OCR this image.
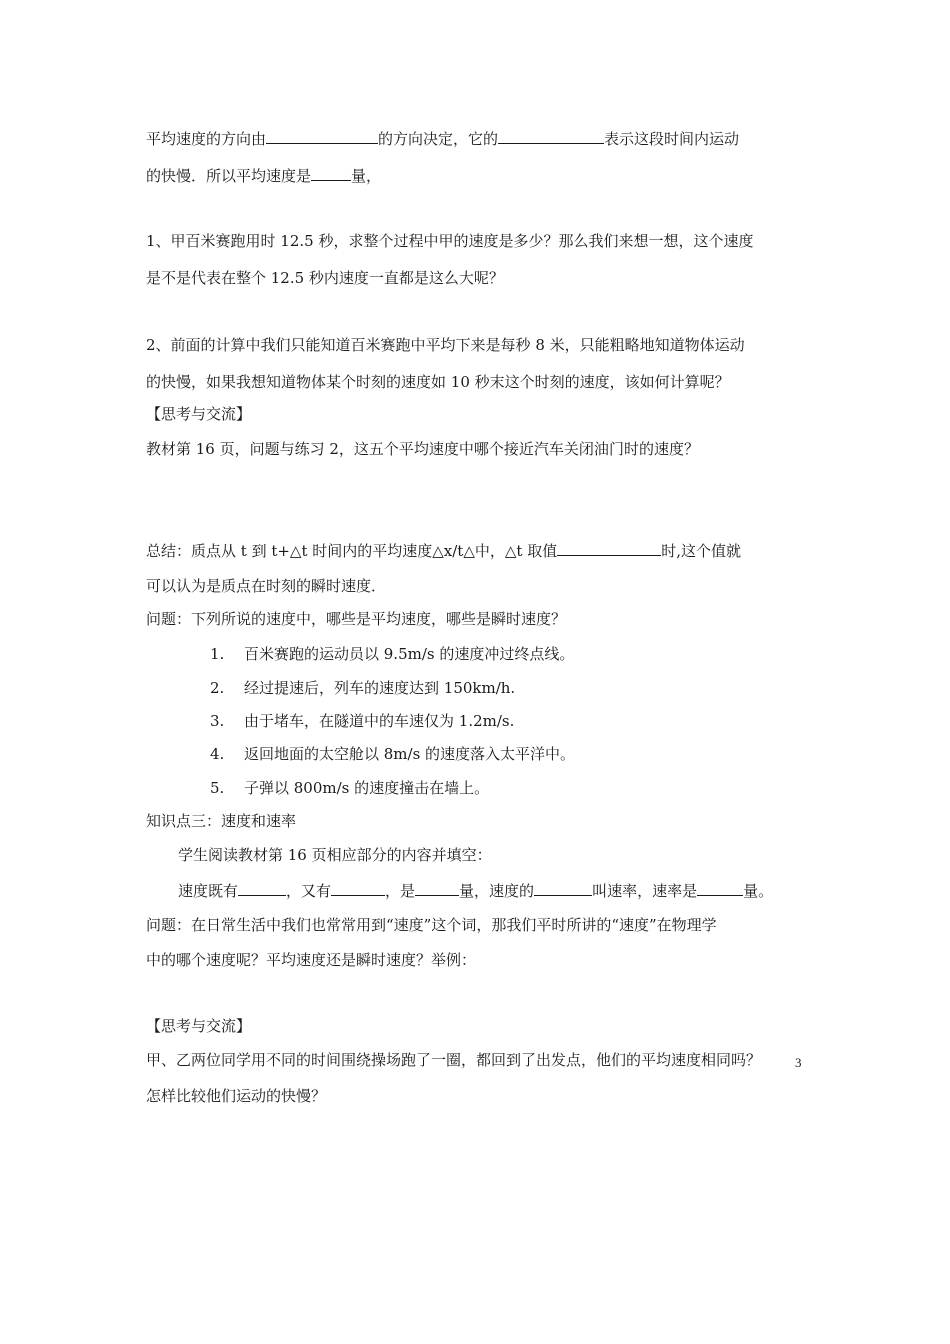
平均速度的方向由	的方向决定，它的	表示这段时间内运动
的快慢．所以平均速度是	量，
1、甲百米赛跑用时 12.5 秒，求整个过程中甲的速度是多少？那么我们来想一想，这个速度
是不是代表在整个 12.5 秒内速度一直都是这么大呢？
2、前面的计算中我们只能知道百米赛跑中平均下来是每秒 8 米，只能粗略地知道物体运动
的快慢，如果我想知道物体某个时刻的速度如 10 秒末这个时刻的速度，该如何计算呢？
【思考与交流】
教材第 16 页，问题与练习 2，这五个平均速度中哪个接近汽车关闭油门时的速度？
总结：质点从 t 到 t+△t 时间内的平均速度△x/t△中，△t 取值	时,这个值就
可以认为是质点在时刻的瞬时速度．
问题：下列所说的速度中，哪些是平均速度，哪些是瞬时速度？
1. 百米赛跑的运动员以 9.5m/s 的速度冲过终点线。
2. 经过提速后，列车的速度达到 150km/h.
3. 由于堵车，在隧道中的车速仅为 1.2m/s.
4. 返回地面的太空舱以 8m/s 的速度落入太平洋中。
5. 子弹以 800m/s 的速度撞击在墙上。
知识点三：速度和速率
学生阅读教材第 16 页相应部分的内容并填空：
速度既有	，又有	，是	量，速度的	叫速率，速率是	量。
问题：在日常生活中我们也常常用到“速度”这个词，那我们平时所讲的“速度”在物理学
中的哪个速度呢？平均速度还是瞬时速度？举例：
【思考与交流】
甲、乙两位同学用不同的时间围绕操场跑了一圈，都回到了出发点，他们的平均速度相同吗？
怎样比较他们运动的快慢？
3
